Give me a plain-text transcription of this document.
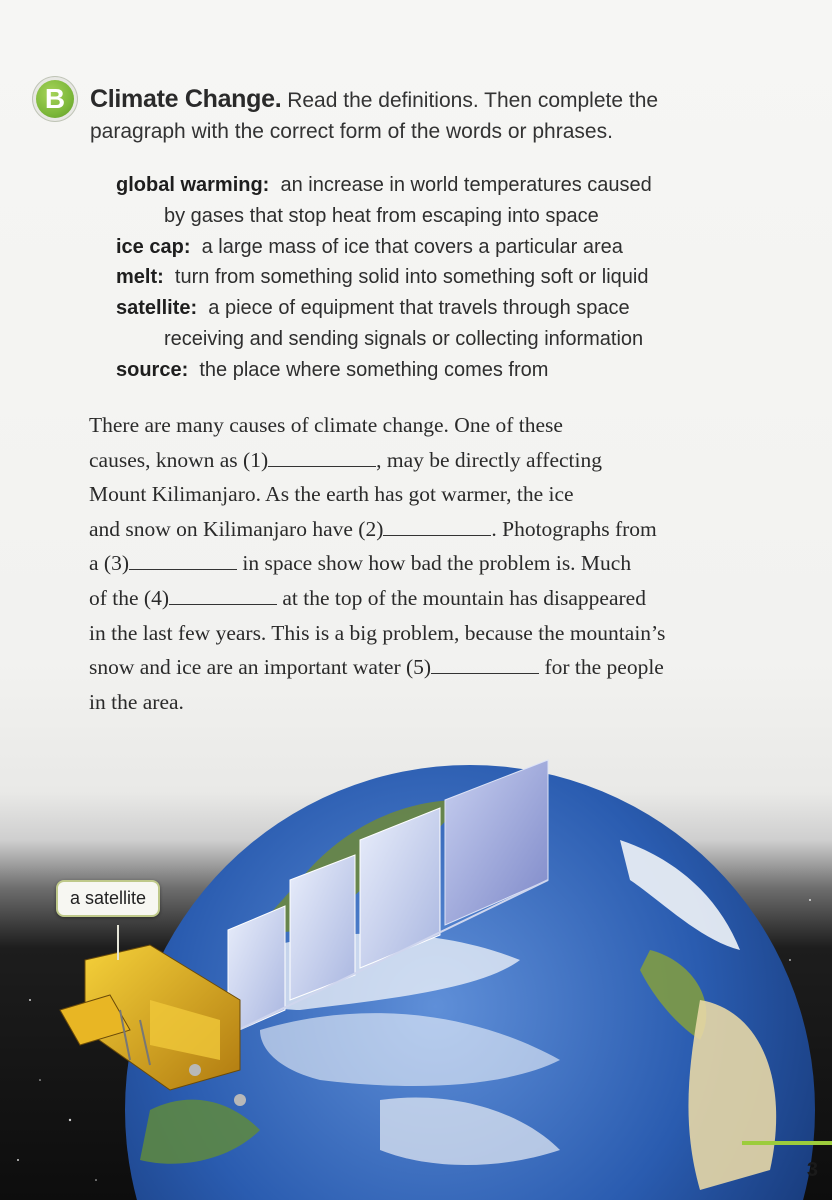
B Climate Change. Read the definitions. Then complete the
paragraph with the correct form of the words or phrases.
global warming: an increase in world temperatures caused
by gases that stop heat from escaping into space
ice cap: a large mass of ice that covers a particular area
melt: turn from something solid into something soft or liquid
satellite: a piece of equipment that travels through space
receiving and sending signals or collecting information
source: the place where something comes from
There are many causes of climate change. One of these
causes, known as (1)	, may be directly affecting
Mount Kilimanjaro. As the earth has got warmer, the ice
and snow on Kilimanjaro have (2)	. Photographs from
a (3)	in space show how bad the problem is. Much
of the (4)	at the top of the mountain has disappeared
in the last few years. This is a big problem, because the mountain’s
snow and ice are an important water (5)	for the people
in the area.
a satellite
3
